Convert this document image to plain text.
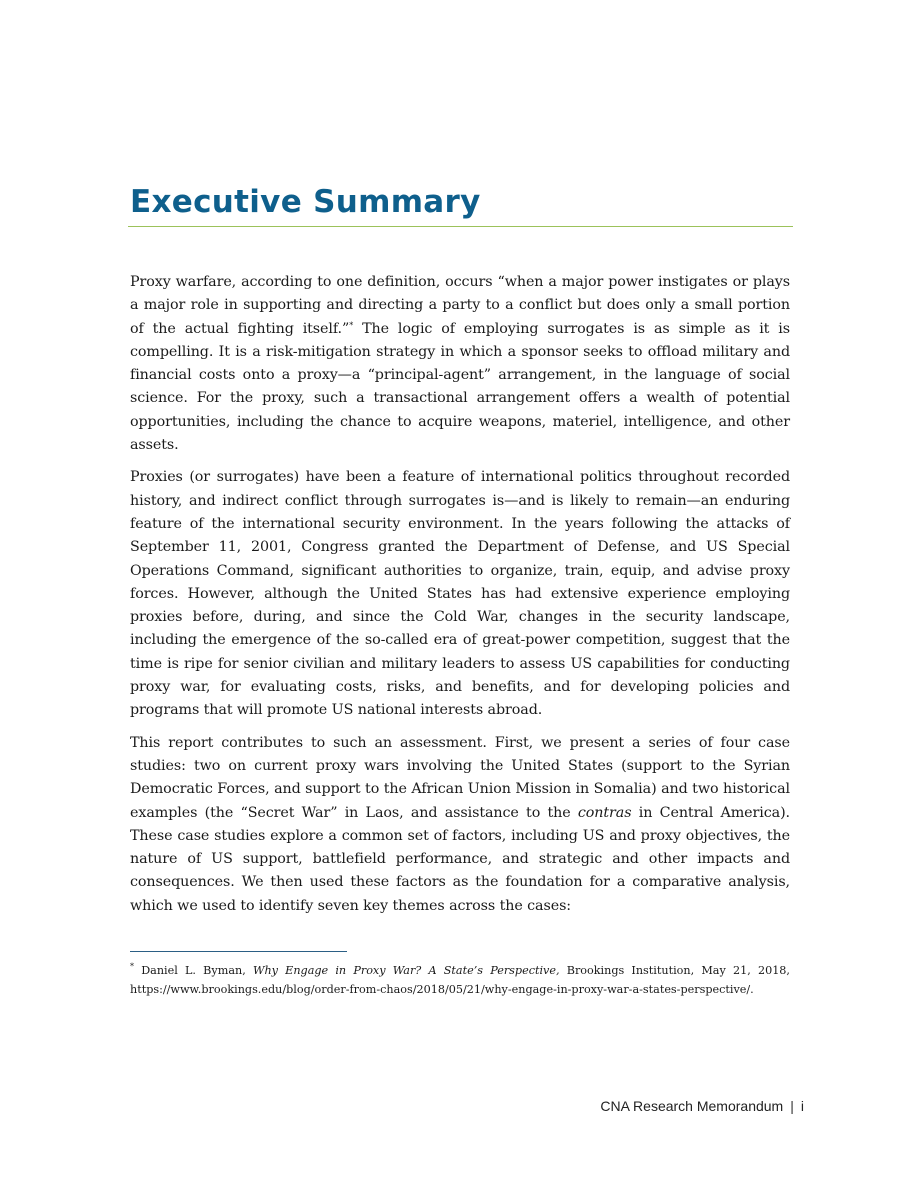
Executive Summary

Proxy warfare, according to one definition, occurs “when a major power instigates or plays a major role in supporting and directing a party to a conflict but does only a small portion of the actual fighting itself.”* The logic of employing surrogates is as simple as it is compelling. It is a risk-mitigation strategy in which a sponsor seeks to offload military and financial costs onto a proxy—a “principal-agent” arrangement, in the language of social science. For the proxy, such a transactional arrangement offers a wealth of potential opportunities, including the chance to acquire weapons, materiel, intelligence, and other assets.

Proxies (or surrogates) have been a feature of international politics throughout recorded history, and indirect conflict through surrogates is—and is likely to remain—an enduring feature of the international security environment. In the years following the attacks of September 11, 2001, Congress granted the Department of Defense, and US Special Operations Command, significant authorities to organize, train, equip, and advise proxy forces. However, although the United States has had extensive experience employing proxies before, during, and since the Cold War, changes in the security landscape, including the emergence of the so-called era of great-power competition, suggest that the time is ripe for senior civilian and military leaders to assess US capabilities for conducting proxy war, for evaluating costs, risks, and benefits, and for developing policies and programs that will promote US national interests abroad.

This report contributes to such an assessment. First, we present a series of four case studies: two on current proxy wars involving the United States (support to the Syrian Democratic Forces, and support to the African Union Mission in Somalia) and two historical examples (the “Secret War” in Laos, and assistance to the contras in Central America). These case studies explore a common set of factors, including US and proxy objectives, the nature of US support, battlefield performance, and strategic and other impacts and consequences. We then used these factors as the foundation for a comparative analysis, which we used to identify seven key themes across the cases:

* Daniel L. Byman, Why Engage in Proxy War? A State’s Perspective, Brookings Institution, May 21, 2018, https://www.brookings.edu/blog/order-from-chaos/2018/05/21/why-engage-in-proxy-war-a-states-perspective/.

CNA Research Memorandum | i
